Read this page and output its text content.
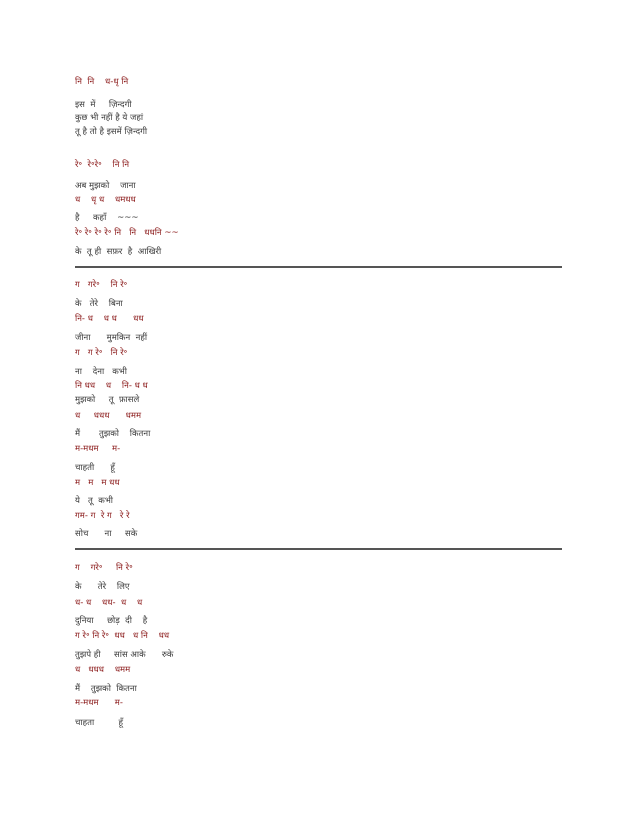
नि  नि    ध-धृ नि
इस  में     ज़िन्दगी
कुछ भी नहीं है ये जहां
तू है तो है इसमें ज़िन्दगी
रे॰  रे॰रे॰    नि नि
अब मुझको    जाना
ध    धृ ध    धमधध
है     कहाँ    ~~~
रे॰ रे॰ रे॰ रे॰ नि   नि   धधनि ~~
के  तू ही  सफ़र  है  आखिरी
ग   गरे॰    नि रे॰
के   तेरे    बिना
नि- ध    ध ध      धध
जीना      मुमकिन  नहीं
ग   ग रे॰   नि रे॰
ना    देना   कभी
नि धध    ध    नि- ध ध
मुझको     तू  फ़ासले
ध     धधध      धमम
मैं       तुझको    कितना
म-मधम     म-
चाहती      हूँ
म   म   म धध
ये   तू  कभी
गम- ग  रे ग   रे रे
सोच      ना     सके
ग    गरे॰     नि रे॰
के      तेरे    लिए
ध- ध    धध-  ध    ध
दुनिया     छोड़  दी    है
ग रे॰ नि रे॰  धध   ध नि    धध
तुझपे ही     सांस आके      रुके
ध   धधध    धमम
मैं    तुझको  कितना
म-मधम      म-
चाहता         हूँ
